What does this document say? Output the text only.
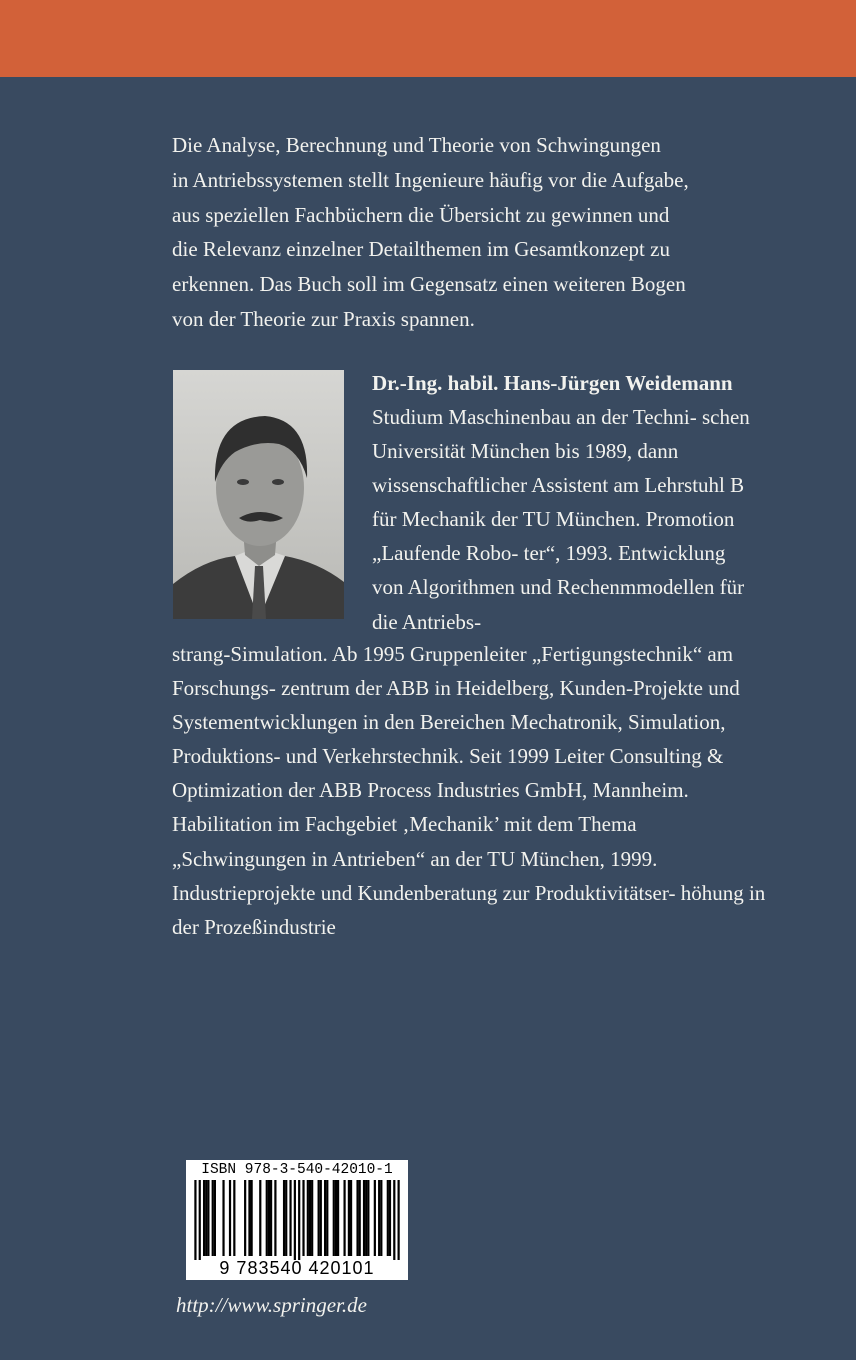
Die Analyse, Berechnung und Theorie von Schwingungen
in Antriebssystemen stellt Ingenieure häufig vor die Aufgabe,
aus speziellen Fachbüchern die Übersicht zu gewinnen und
die Relevanz einzelner Detailthemen im Gesamtkonzept zu
erkennen. Das Buch soll im Gegensatz einen weiteren Bogen
von der Theorie zur Praxis spannen.
Dr.-Ing. habil. Hans-Jürgen Weidemann
Studium Maschinenbau an der Techni- schen Universität München bis 1989, dann wissenschaftlicher Assistent am Lehrstuhl B für Mechanik der TU München. Promotion „Laufende Robo- ter“, 1993. Entwicklung von Algorithmen und Rechenmmodellen für die Antriebs-
strang-Simulation. Ab 1995 Gruppenleiter „Fertigungstechnik“ am Forschungs- zentrum der ABB in Heidelberg, Kunden-Projekte und Systementwicklungen in den Bereichen Mechatronik, Simulation, Produktions- und Verkehrstechnik. Seit 1999 Leiter Consulting & Optimization der ABB Process Industries GmbH, Mannheim. Habilitation im Fachgebiet ‚Mechanik’ mit dem Thema „Schwingungen in Antrieben“ an der TU München, 1999. Industrieprojekte und Kundenberatung zur Produktivitätser- höhung in der Prozeßindustrie
ISBN 978-3-540-42010-1
9 783540 420101
http://www.springer.de
